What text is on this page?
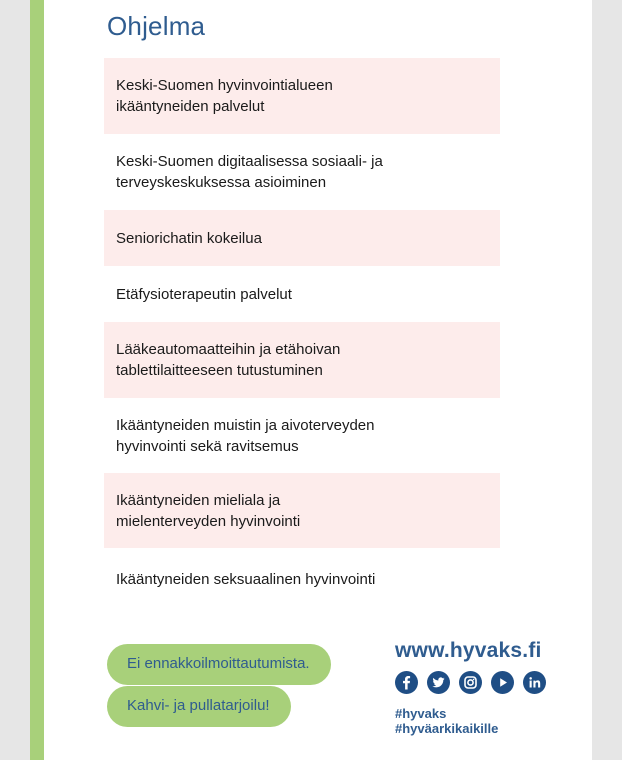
Ohjelma
Keski-Suomen hyvinvointialueen
ikääntyneiden palvelut
Keski-Suomen digitaalisessa sosiaali- ja
terveyskeskuksessa asioiminen
Seniorichatin kokeilua
Etäfysioterapeutin palvelut
Lääkeautomaatteihin ja etähoivan
tablettilaitteeseen tutustuminen
Ikääntyneiden muistin ja aivoterveyden
hyvinvointi sekä ravitsemus
Ikääntyneiden mieliala ja
mielenterveyden hyvinvointi
Ikääntyneiden seksuaalinen hyvinvointi
Ei ennakkoilmoittautumista.
Kahvi- ja pullatarjoilu!
www.hyvaks.fi
#hyvaks
#hyväarkikaikille
